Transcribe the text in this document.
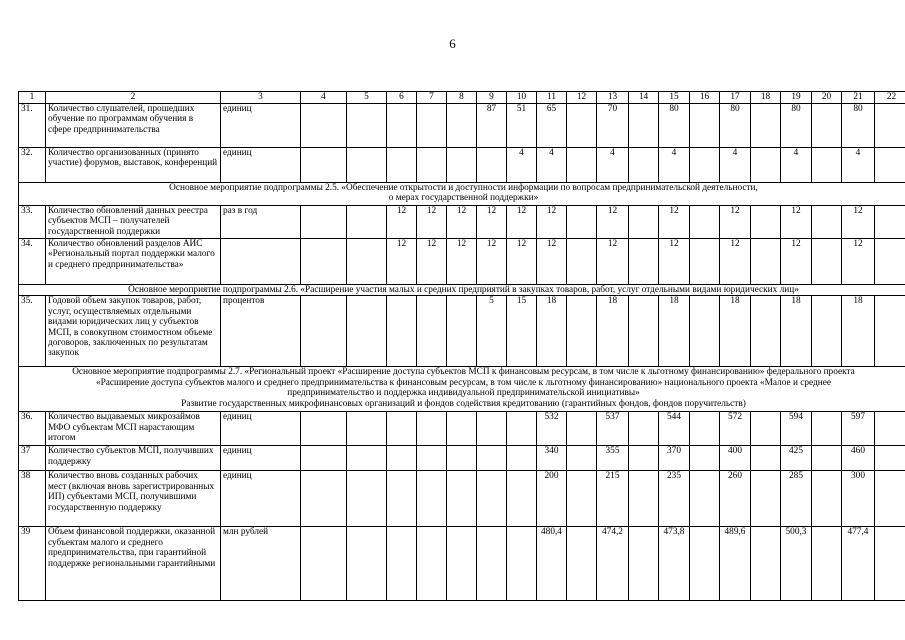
6
1	2	3	4	5	6	7	8	9	10	11	12	13	14	15	16	17	18	19	20	21	22
31.	Количество слушателей, прошедших обучение по программам обучения в сфере предпринимательства	единиц						87	51	65		70		80		80		80		80	
32.	Количество организованных (принято участие) форумов, выставок, конференций	единиц							4	4		4		4		4		4		4	

Основное мероприятие подпрограммы 2.5. «Обеспечение открытости и доступности информации по вопросам предпринимательской деятельности,
о мерах государственной поддержки»																					

33.	Количество обновлений данных реестра субъектов МСП – получателей государственной поддержки	раз в год			12	12	12	12	12	12		12		12		12		12		12	
34.	Количество обновлений разделов АИС «Региональный портал поддержки малого и среднего предпринимательства»				12	12	12	12	12	12		12		12		12		12		12	

Основное мероприятие подпрограммы 2.6. «Расширение участия малых и средних предприятий в закупках товаров, работ, услуг отдельными видами юридических лиц»																					

35.	Годовой объем закупок товаров, работ, услуг, осуществляемых отдельными видами юридических лиц у субъектов МСП, в совокупном стоимостном объеме договоров, заключенных по результатам закупок	процентов						5	15	18		18		18		18		18		18	

Основное мероприятие подпрограммы 2.7. «Региональный проект «Расширение доступа субъектов МСП к финансовым ресурсам, в том числе к льготному финансированию» федерального проекта
«Расширение доступа субъектов малого и среднего предпринимательства к финансовым ресурсам, в том числе к льготному финансированию» национального проекта «Малое и среднее
предпринимательство и поддержка индивидуальной предпринимательской инициативы»
Развитие государственных микрофинансовых организаций и фондов содействия кредитованию (гарантийных фондов, фондов поручительств)																					

36.	Количество выдаваемых микрозаймов МФО субъектам МСП нарастающим итогом	единиц								532		537		544		572		594		597	
37	Количество субъектов МСП, получивших поддержку	единиц								340		355		370		400		425		460	
38	Количество вновь созданных рабочих мест (включая вновь зарегистрированных ИП) субъектами МСП, получившими государственную поддержку	единиц								200		215		235		260		285		300	
39	Объем финансовой поддержки, оказанной субъектам малого и среднего предпринимательства, при гарантийной поддержке региональными гарантийными	млн рублей								480,4		474,2		473,8		489,6		500,3		477,4	
